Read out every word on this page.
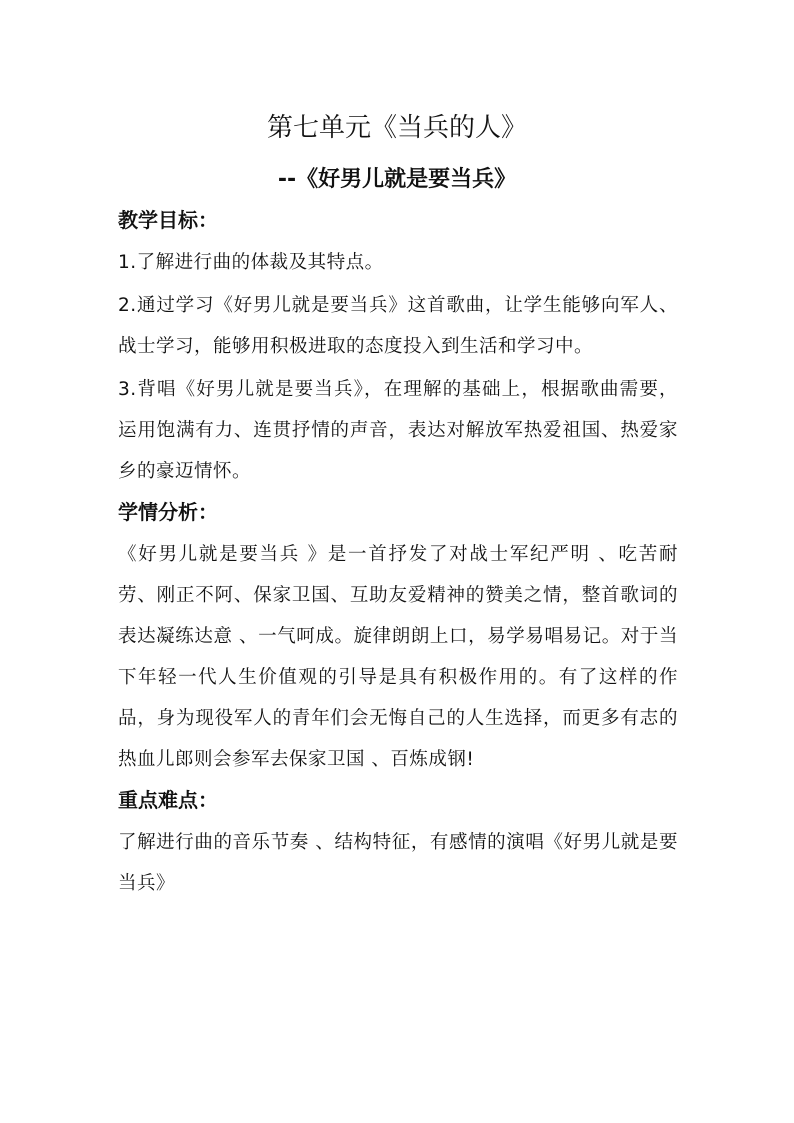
第七单元《当兵的人》
--《好男儿就是要当兵》
教学目标：

1.了解进行曲的体裁及其特点。

2.通过学习《好男儿就是要当兵》这首歌曲，让学生能够向军人、战士学习，能够用积极进取的态度投入到生活和学习中。

3.背唱《好男儿就是要当兵》，在理解的基础上，根据歌曲需要，运用饱满有力、连贯抒情的声音，表达对解放军热爱祖国、热爱家乡的豪迈情怀。

学情分析：

《好男儿就是要当兵 》是一首抒发了对战士军纪严明 、吃苦耐劳、刚正不阿、保家卫国、互助友爱精神的赞美之情，整首歌词的表达凝练达意 、一气呵成。旋律朗朗上口，易学易唱易记。对于当下年轻一代人生价值观的引导是具有积极作用的。有了这样的作品，身为现役军人的青年们会无悔自己的人生选择，而更多有志的热血儿郎则会参军去保家卫国 、百炼成钢!

重点难点：

了解进行曲的音乐节奏 、结构特征，有感情的演唱《好男儿就是要当兵》
